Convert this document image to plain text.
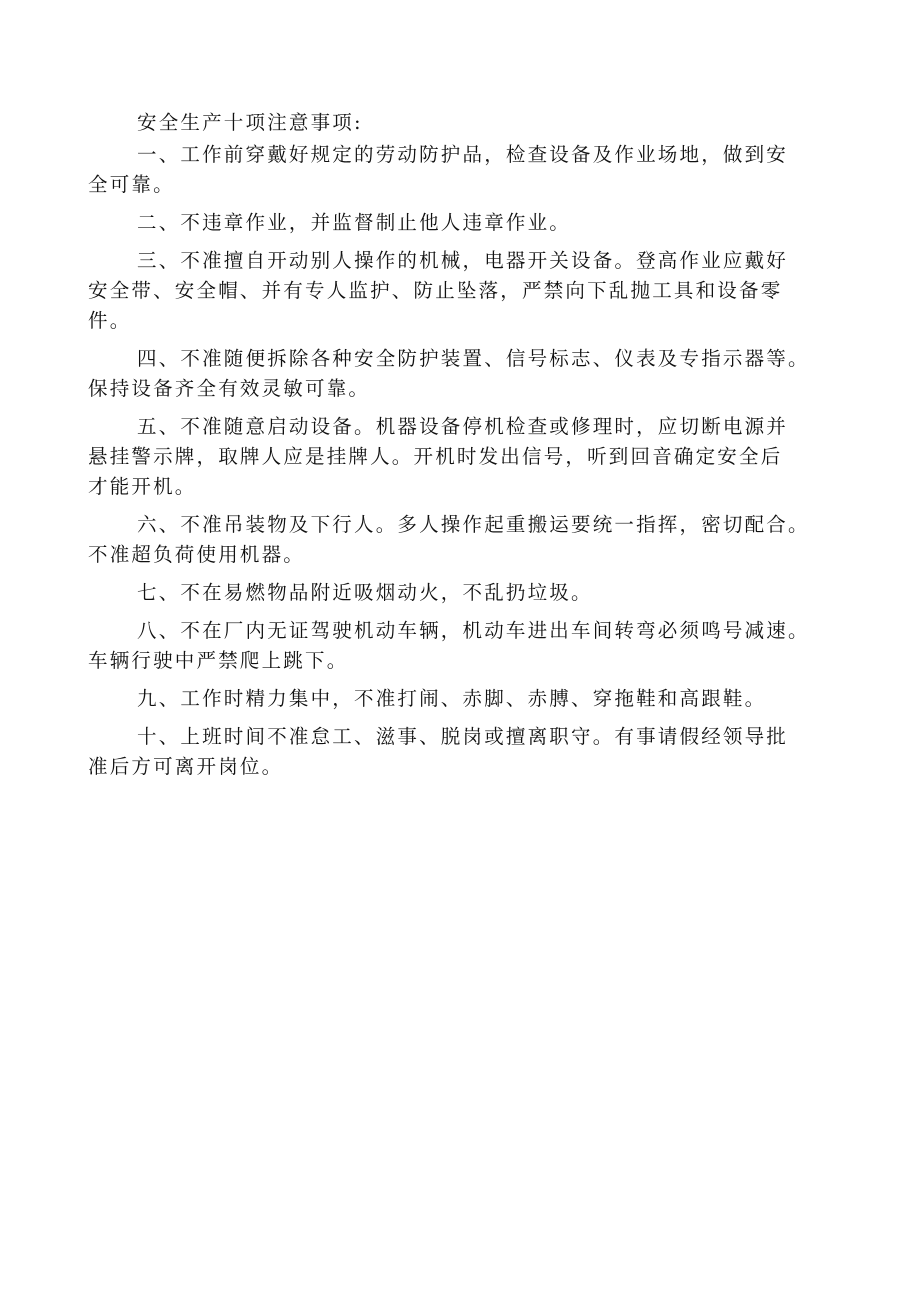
安全生产十项注意事项:

一、工作前穿戴好规定的劳动防护品，检查设备及作业场地，做到安

全可靠。

二、不违章作业，并监督制止他人违章作业。

三、不准擅自开动别人操作的机械，电器开关设备。登高作业应戴好

安全带、安全帽、并有专人监护、防止坠落，严禁向下乱抛工具和设备零

件。

四、不准随便拆除各种安全防护装置、信号标志、仪表及专指示器等。

保持设备齐全有效灵敏可靠。

五、不准随意启动设备。机器设备停机检查或修理时，应切断电源并

悬挂警示牌，取牌人应是挂牌人。开机时发出信号，听到回音确定安全后

才能开机。

六、不准吊装物及下行人。多人操作起重搬运要统一指挥，密切配合。

不准超负荷使用机器。

七、不在易燃物品附近吸烟动火，不乱扔垃圾。

八、不在厂内无证驾驶机动车辆，机动车进出车间转弯必须鸣号减速。

车辆行驶中严禁爬上跳下。

九、工作时精力集中，不准打闹、赤脚、赤膊、穿拖鞋和高跟鞋。

十、上班时间不准怠工、滋事、脱岗或擅离职守。有事请假经领导批

准后方可离开岗位。
